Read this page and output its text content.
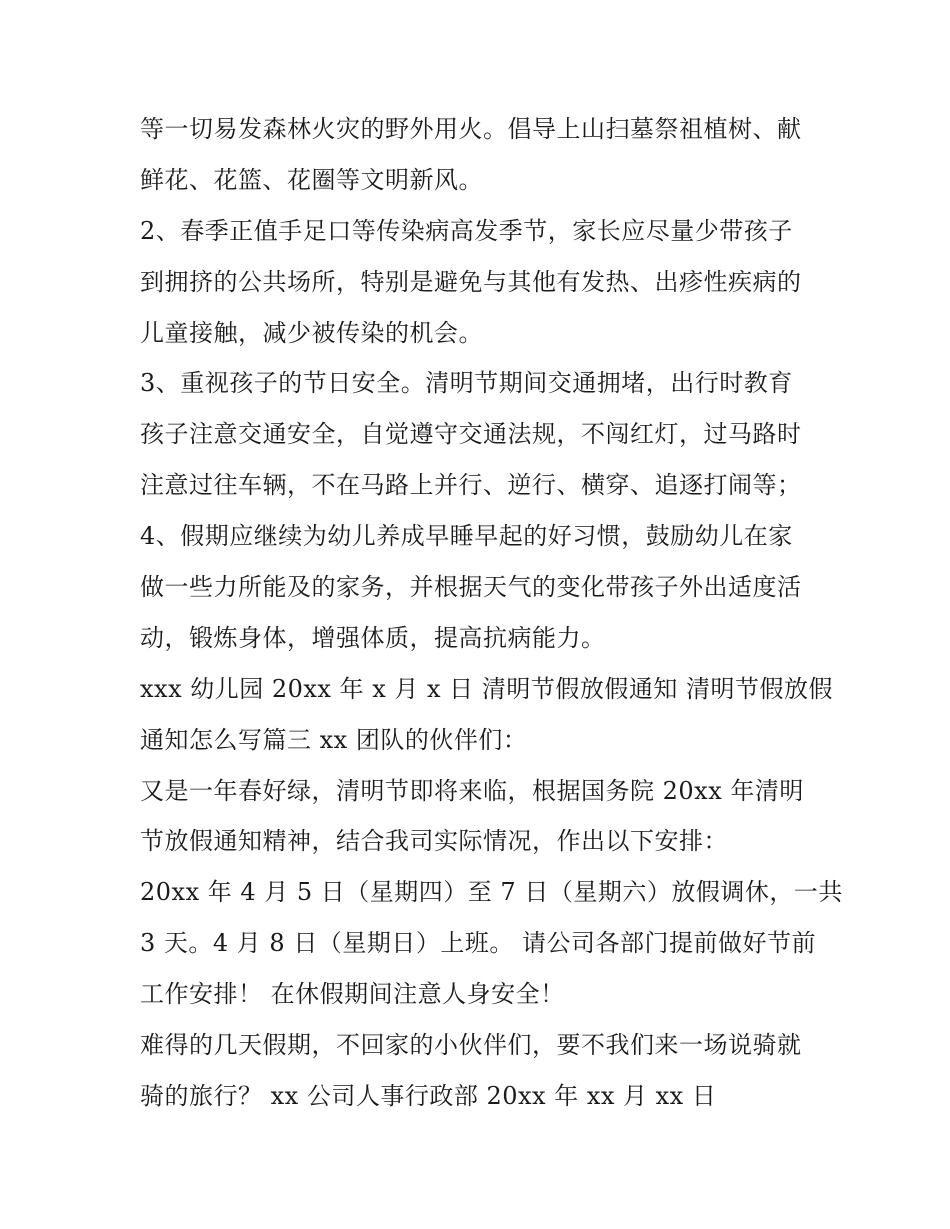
等一切易发森林火灾的野外用火。倡导上山扫墓祭祖植树、献
鲜花、花篮、花圈等文明新风。
2、春季正值手足口等传染病高发季节，家长应尽量少带孩子
到拥挤的公共场所，特别是避免与其他有发热、出疹性疾病的
儿童接触，减少被传染的机会。
3、重视孩子的节日安全。清明节期间交通拥堵，出行时教育
孩子注意交通安全，自觉遵守交通法规，不闯红灯，过马路时
注意过往车辆，不在马路上并行、逆行、横穿、追逐打闹等；
4、假期应继续为幼儿养成早睡早起的好习惯，鼓励幼儿在家
做一些力所能及的家务，并根据天气的变化带孩子外出适度活
动，锻炼身体，增强体质，提高抗病能力。
xxx 幼儿园 20xx 年 x 月 x 日 清明节假放假通知 清明节假放假
通知怎么写篇三 xx 团队的伙伴们：
又是一年春好绿，清明节即将来临，根据国务院 20xx 年清明
节放假通知精神，结合我司实际情况，作出以下安排：
20xx 年 4 月 5 日（星期四）至 7 日（星期六）放假调休，一共
3 天。4 月 8 日（星期日）上班。 请公司各部门提前做好节前
工作安排！ 在休假期间注意人身安全！
难得的几天假期，不回家的小伙伴们，要不我们来一场说骑就
骑的旅行？ xx 公司人事行政部 20xx 年 xx 月 xx 日
